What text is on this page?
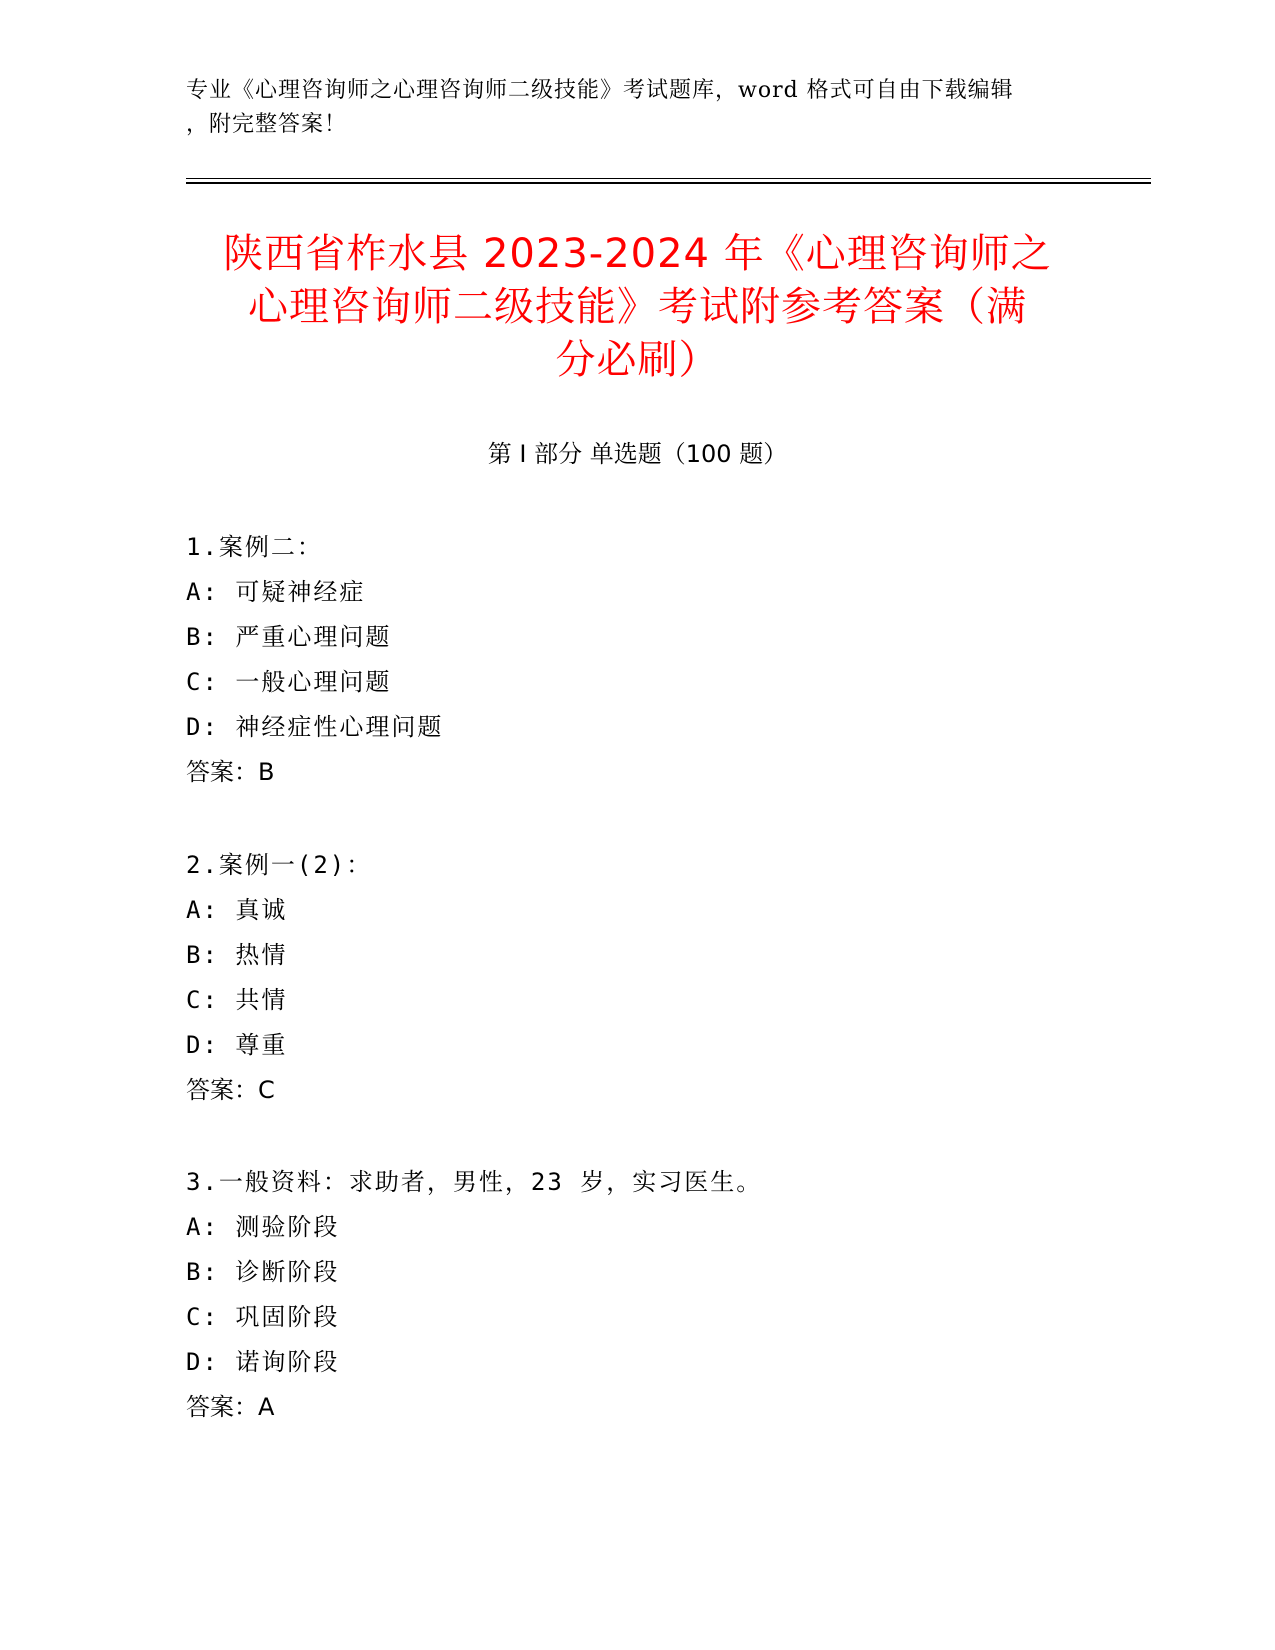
专业《心理咨询师之心理咨询师二级技能》考试题库，word 格式可自由下载编辑
，附完整答案！
陕西省柞水县 2023-2024 年《心理咨询师之
心理咨询师二级技能》考试附参考答案（满
分必刷）
第 I 部分 单选题（100 题）
1.案例二：
A: 可疑神经症
B: 严重心理问题
C: 一般心理问题
D: 神经症性心理问题
答案：B
2.案例一(2)：
A: 真诚
B: 热情
C: 共情
D: 尊重
答案：C
3.一般资料：求助者，男性，23 岁，实习医生。
A: 测验阶段
B: 诊断阶段
C: 巩固阶段
D: 诺询阶段
答案：A
